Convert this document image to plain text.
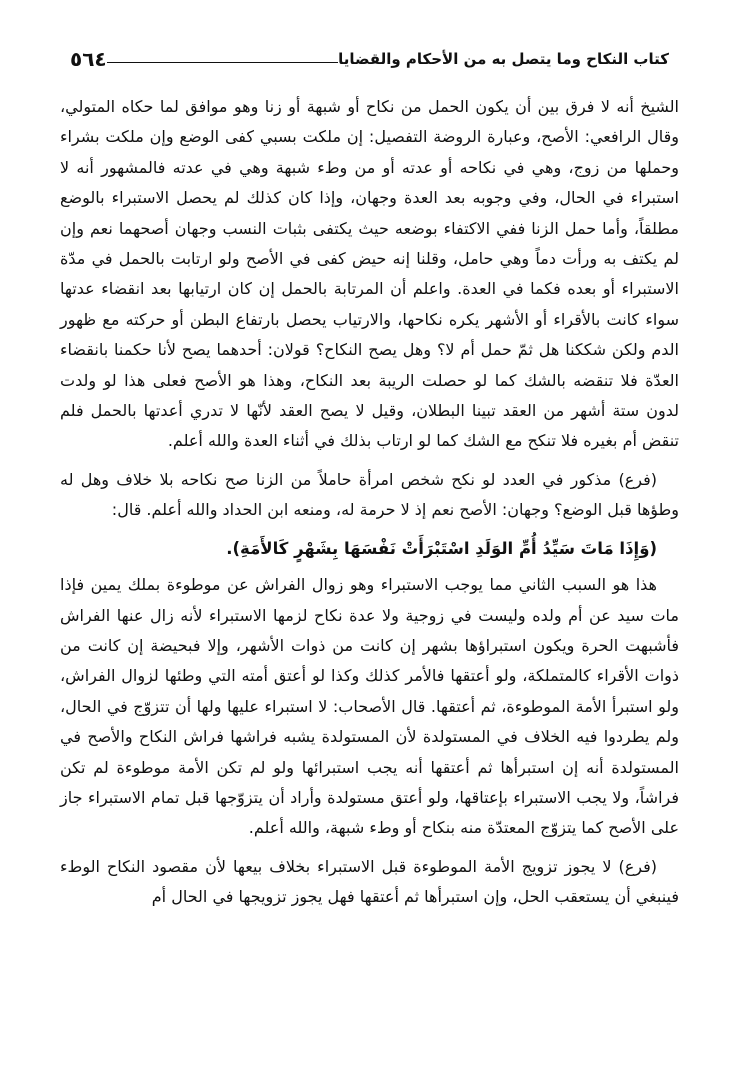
كتاب النكاح وما يتصل به من الأحكام والقضايا
٥٦٤

الشيخ أنه لا فرق بين أن يكون الحمل من نكاح أو شبهة أو زنا وهو موافق لما حكاه المتولي، وقال الرافعي: الأصح، وعبارة الروضة التفصيل: إن ملكت بسبي كفى الوضع وإن ملكت بشراء وحملها من زوج، وهي في نكاحه أو عدته أو من وطء شبهة وهي في عدته فالمشهور أنه لا استبراء في الحال، وفي وجوبه بعد العدة وجهان، وإذا كان كذلك لم يحصل الاستبراء بالوضع مطلقاً، وأما حمل الزنا ففي الاكتفاء بوضعه حيث يكتفى بثبات النسب وجهان أصحهما نعم وإن لم يكتف به ورأت دماً وهي حامل، وقلنا إنه حيض كفى في الأصح ولو ارتابت بالحمل في مدّة الاستبراء أو بعده فكما في العدة. واعلم أن المرتابة بالحمل إن كان ارتيابها بعد انقضاء عدتها سواء كانت بالأقراء أو الأشهر يكره نكاحها، والارتياب يحصل بارتفاع البطن أو حركته مع ظهور الدم ولكن شككنا هل ثمّ حمل أم لا؟ وهل يصح النكاح؟ قولان: أحدهما يصح لأنا حكمنا بانقضاء العدّة فلا تنقضه بالشك كما لو حصلت الريبة بعد النكاح، وهذا هو الأصح فعلى هذا لو ولدت لدون ستة أشهر من العقد تبينا البطلان، وقيل لا يصح العقد لأنّها لا تدري أعدتها بالحمل فلم تنقض أم بغيره فلا تنكح مع الشك كما لو ارتاب بذلك في أثناء العدة والله أعلم.

(فرع) مذكور في العدد لو نكح شخص امرأة حاملاً من الزنا صح نكاحه بلا خلاف وهل له وطؤها قبل الوضع؟ وجهان: الأصح نعم إذ لا حرمة له، ومنعه ابن الحداد والله أعلم. قال:

(وَإِذَا مَاتَ سَيِّدُ أُمِّ الوَلَدِ اسْتَبْرَأَتْ نَفْسَهَا بِشَهْرٍ كَالأَمَةِ).

هذا هو السبب الثاني مما يوجب الاستبراء وهو زوال الفراش عن موطوءة بملك يمين فإذا مات سيد عن أم ولده وليست في زوجية ولا عدة نكاح لزمها الاستبراء لأنه زال عنها الفراش فأشبهت الحرة ويكون استبراؤها بشهر إن كانت من ذوات الأشهر، وإلا فبحيضة إن كانت من ذوات الأقراء كالمتملكة، ولو أعتقها فالأمر كذلك وكذا لو أعتق أمته التي وطئها لزوال الفراش، ولو استبرأ الأمة الموطوءة، ثم أعتقها. قال الأصحاب: لا استبراء عليها ولها أن تتزوّج في الحال، ولم يطردوا فيه الخلاف في المستولدة لأن المستولدة يشبه فراشها فراش النكاح والأصح في المستولدة أنه إن استبرأها ثم أعتقها أنه يجب استبرائها ولو لم تكن الأمة موطوءة لم تكن فراشاً، ولا يجب الاستبراء بإعتاقها، ولو أعتق مستولدة وأراد أن يتزوّجها قبل تمام الاستبراء جاز على الأصح كما يتزوّج المعتدّة منه بنكاح أو وطء شبهة، والله أعلم.

(فرع) لا يجوز تزويج الأمة الموطوءة قبل الاستبراء بخلاف بيعها لأن مقصود النكاح الوطء فينبغي أن يستعقب الحل، وإن استبرأها ثم أعتقها فهل يجوز تزويجها في الحال أم
